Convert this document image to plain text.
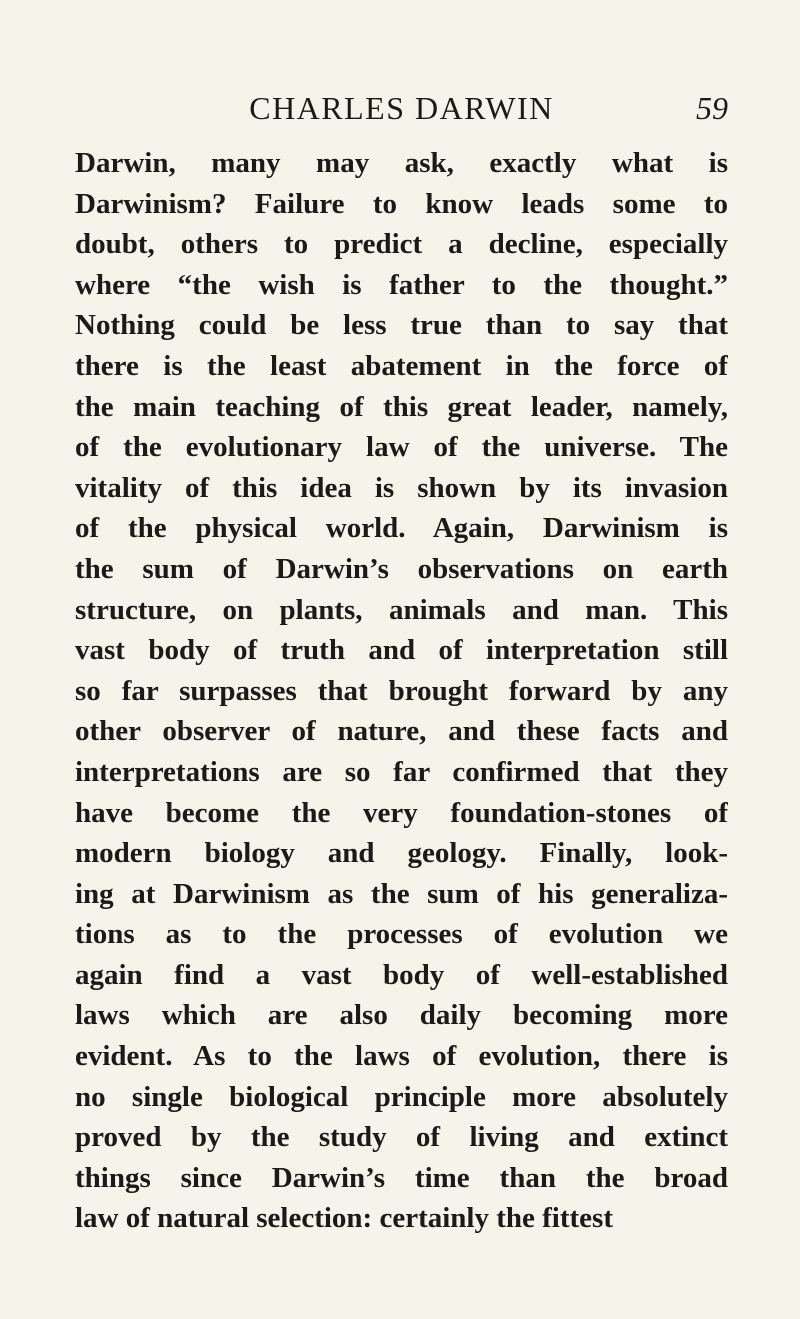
CHARLES DARWIN	59
Darwin, many may ask, exactly what is
Darwinism? Failure to know leads some to
doubt, others to predict a decline, especially
where “the wish is father to the thought.”
Nothing could be less true than to say that
there is the least abatement in the force of
the main teaching of this great leader, namely,
of the evolutionary law of the universe. The
vitality of this idea is shown by its invasion
of the physical world. Again, Darwinism is
the sum of Darwin’s observations on earth
structure, on plants, animals and man. This
vast body of truth and of interpretation still
so far surpasses that brought forward by any
other observer of nature, and these facts and
interpretations are so far confirmed that they
have become the very foundation-stones of
modern biology and geology. Finally, look-
ing at Darwinism as the sum of his generaliza-
tions as to the processes of evolution we
again find a vast body of well-established
laws which are also daily becoming more
evident. As to the laws of evolution, there is
no single biological principle more absolutely
proved by the study of living and extinct
things since Darwin’s time than the broad
law of natural selection: certainly the fittest
